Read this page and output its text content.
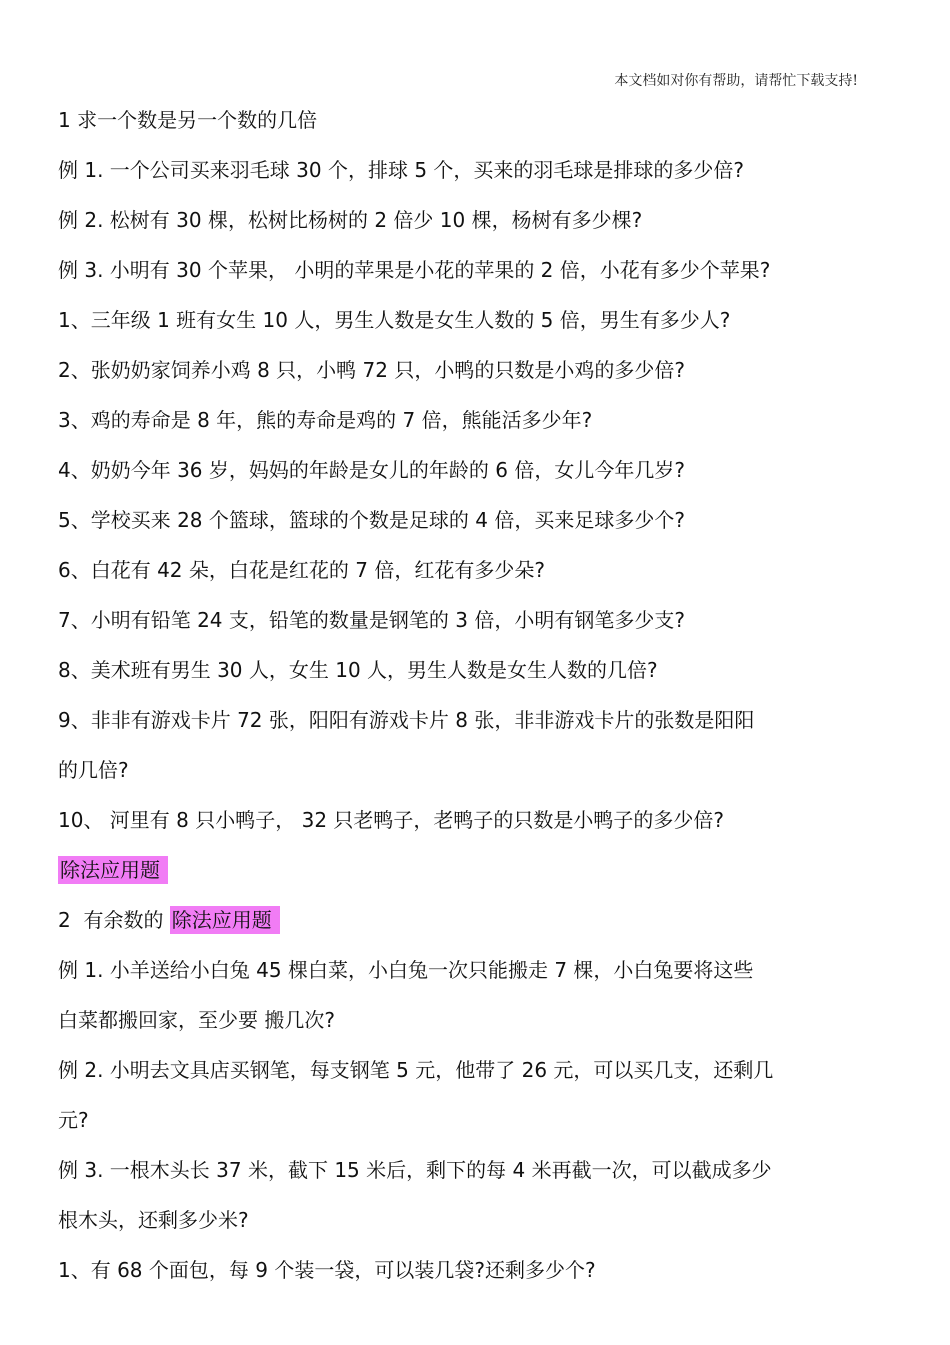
本文档如对你有帮助，请帮忙下载支持!
1 求一个数是另一个数的几倍
例 1. 一个公司买来羽毛球 30 个，排球 5 个，买来的羽毛球是排球的多少倍?
例 2. 松树有 30 棵，松树比杨树的 2 倍少 10 棵，杨树有多少棵?
例 3. 小明有 30 个苹果， 小明的苹果是小花的苹果的 2 倍，小花有多少个苹果?
1、三年级 1 班有女生 10 人，男生人数是女生人数的 5 倍，男生有多少人?
2、张奶奶家饲养小鸡 8 只，小鸭 72 只，小鸭的只数是小鸡的多少倍?
3、鸡的寿命是 8 年，熊的寿命是鸡的 7 倍，熊能活多少年?
4、奶奶今年 36 岁，妈妈的年龄是女儿的年龄的 6 倍，女儿今年几岁?
5、学校买来 28 个篮球，篮球的个数是足球的 4 倍，买来足球多少个?
6、白花有 42 朵，白花是红花的 7 倍，红花有多少朵?
7、小明有铅笔 24 支，铅笔的数量是钢笔的 3 倍，小明有钢笔多少支?
8、美术班有男生 30 人，女生 10 人，男生人数是女生人数的几倍?
9、非非有游戏卡片 72 张，阳阳有游戏卡片 8 张，非非游戏卡片的张数是阳阳
的几倍?
10、 河里有 8 只小鸭子， 32 只老鸭子，老鸭子的只数是小鸭子的多少倍?
除法应用题
2  有余数的 除法应用题
例 1. 小羊送给小白兔 45 棵白菜，小白兔一次只能搬走 7 棵，小白兔要将这些
白菜都搬回家，至少要 搬几次?
例 2. 小明去文具店买钢笔，每支钢笔 5 元，他带了 26 元，可以买几支，还剩几
元?
例 3. 一根木头长 37 米，截下 15 米后，剩下的每 4 米再截一次，可以截成多少
根木头，还剩多少米?
1、有 68 个面包，每 9 个装一袋，可以装几袋?还剩多少个?
